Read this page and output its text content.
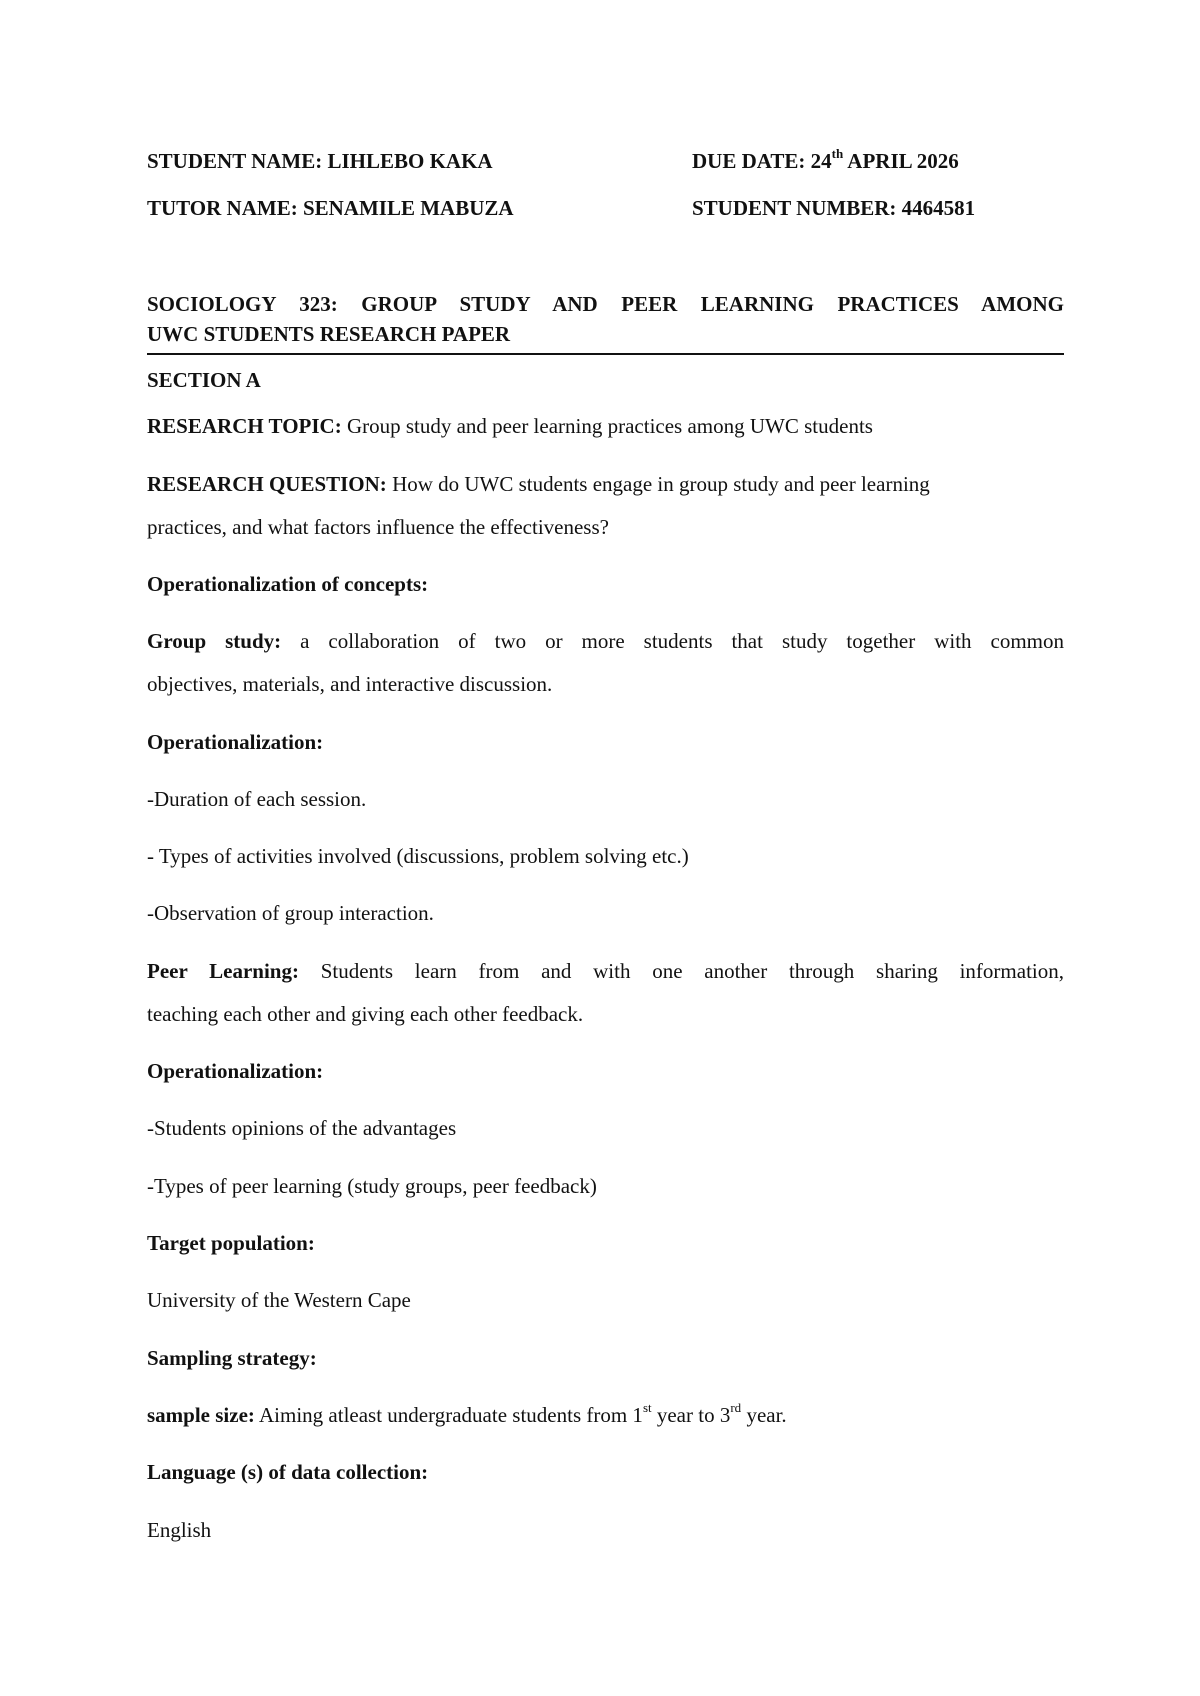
STUDENT NAME: LIHLEBO KAKA	DUE DATE: 24th APRIL 2026
TUTOR NAME: SENAMILE MABUZA	STUDENT NUMBER: 4464581
SOCIOLOGY 323: GROUP STUDY AND PEER LEARNING PRACTICES AMONG
UWC STUDENTS RESEARCH PAPER
SECTION A
RESEARCH TOPIC: Group study and peer learning practices among UWC students
RESEARCH QUESTION: How do UWC students engage in group study and peer learning
practices, and what factors influence the effectiveness?
Operationalization of concepts:
Group study: a collaboration of two or more students that study together with common
objectives, materials, and interactive discussion.
Operationalization:
-Duration of each session.
- Types of activities involved (discussions, problem solving etc.)
-Observation of group interaction.
Peer Learning: Students learn from and with one another through sharing information,
teaching each other and giving each other feedback.
Operationalization:
-Students opinions of the advantages
-Types of peer learning (study groups, peer feedback)
Target population:
University of the Western Cape
Sampling strategy:
sample size: Aiming atleast undergraduate students from 1st year to 3rd year.
Language (s) of data collection:
English
